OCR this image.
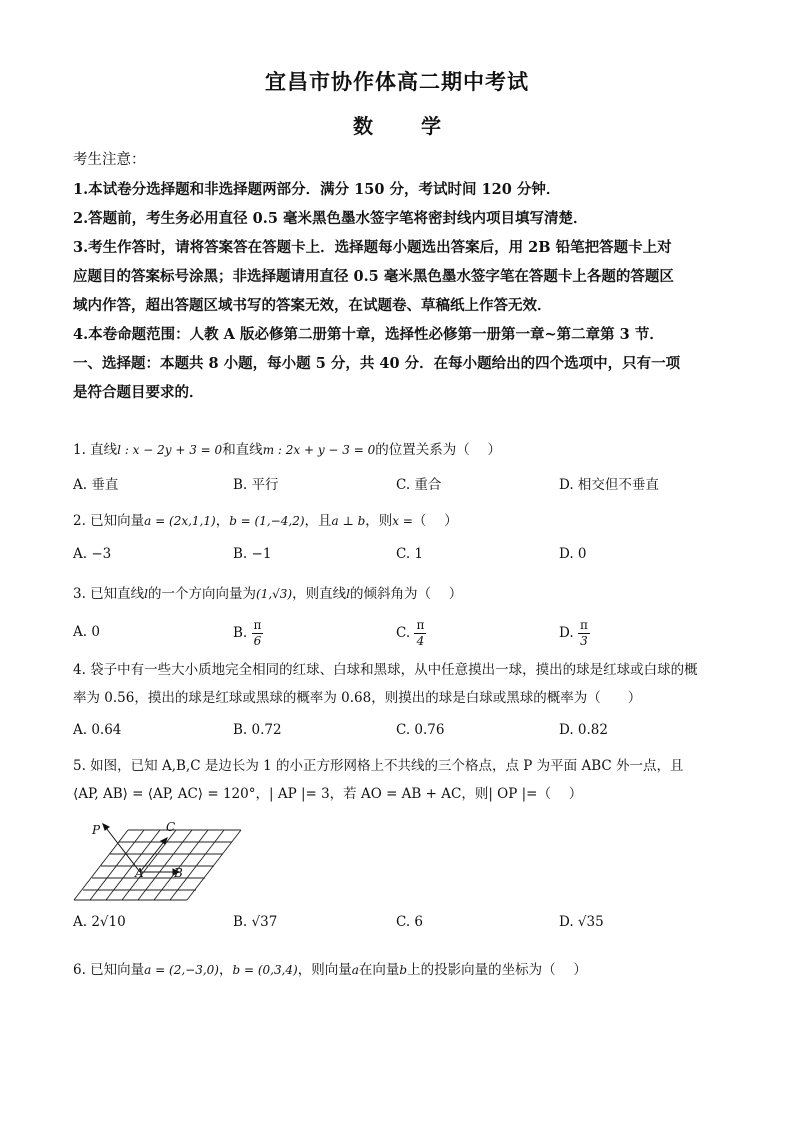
宜昌市协作体高二期中考试
数　学
考生注意：
1.本试卷分选择题和非选择题两部分．满分 150 分，考试时间 120 分钟．
2.答题前，考生务必用直径 0.5 毫米黑色墨水签字笔将密封线内项目填写清楚．
3.考生作答时，请将答案答在答题卡上．选择题每小题选出答案后，用 2B 铅笔把答题卡上对
应题目的答案标号涂黑；非选择题请用直径 0.5 毫米黑色墨水签字笔在答题卡上各题的答题区
域内作答，超出答题区域书写的答案无效，在试题卷、草稿纸上作答无效．
4.本卷命题范围：人教 A 版必修第二册第十章，选择性必修第一册第一章~第二章第 3 节．
一、选择题：本题共 8 小题，每小题 5 分，共 40 分．在每小题给出的四个选项中，只有一项
是符合题目要求的．
1. 直线l : x − 2y + 3 = 0和直线m : 2x + y − 3 = 0的位置关系为（　 ）
A. 垂直	B. 平行	C. 重合	D. 相交但不垂直
2. 已知向量a = (2x,1,1)，b = (1,−4,2)，且a ⊥ b，则x =（　 ）
A. −3	B. −1	C. 1	D. 0
3. 已知直线l的一个方向向量为(1,√3)，则直线l的倾斜角为（　 ）
A. 0	B. $\frac{\pi}{6}$	C. $\frac{\pi}{4}$	D. $\frac{\pi}{3}$
4. 袋子中有一些大小质地完全相同的红球、白球和黑球，从中任意摸出一球，摸出的球是红球或白球的概
率为 0.56，摸出的球是红球或黑球的概率为 0.68，则摸出的球是白球或黑球的概率为（　　）
A. 0.64	B. 0.72	C. 0.76	D. 0.82
5. 如图，已知 A,B,C 是边长为 1 的小正方形网格上不共线的三个格点，点 P 为平面 ABC 外一点，且
⟨AP, AB⟩ = ⟨AP, AC⟩ = 120°，| AP |= 3，若 AO = AB + AC，则| OP |=（　 ）
P	C
A	B
A. 2√10	B. √37	C. 6	D. √35
6. 已知向量a = (2,−3,0)，b = (0,3,4)，则向量a在向量b上的投影向量的坐标为（　 ）
